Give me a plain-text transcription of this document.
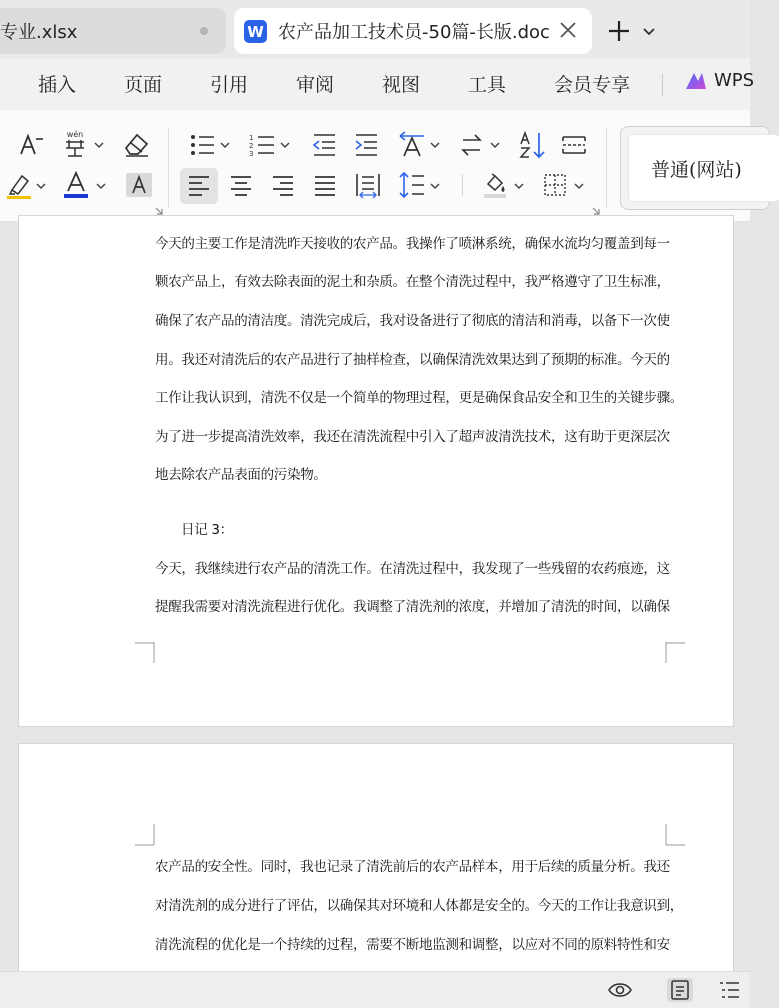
专业.xlsx	W 农产品加工技术员-50篇-长版.doc
插入	页面	引用	审阅	视图	工具	会员专享	WPS
wén	1
2
3
普通(网站)
今天的主要工作是清洗昨天接收的农产品。我操作了喷淋系统，确保水流均匀覆盖到每一
颗农产品上，有效去除表面的泥土和杂质。在整个清洗过程中，我严格遵守了卫生标准，
确保了农产品的清洁度。清洗完成后，我对设备进行了彻底的清洁和消毒，以备下一次使
用。我还对清洗后的农产品进行了抽样检查，以确保清洗效果达到了预期的标准。今天的
工作让我认识到，清洗不仅是一个简单的物理过程，更是确保食品安全和卫生的关键步骤。
为了进一步提高清洗效率，我还在清洗流程中引入了超声波清洗技术，这有助于更深层次
地去除农产品表面的污染物。
日记 3：
今天，我继续进行农产品的清洗工作。在清洗过程中，我发现了一些残留的农药痕迹，这
提醒我需要对清洗流程进行优化。我调整了清洗剂的浓度，并增加了清洗的时间，以确保
农产品的安全性。同时，我也记录了清洗前后的农产品样本，用于后续的质量分析。我还
对清洗剂的成分进行了评估，以确保其对环境和人体都是安全的。今天的工作让我意识到，
清洗流程的优化是一个持续的过程，需要不断地监测和调整，以应对不同的原料特性和安
